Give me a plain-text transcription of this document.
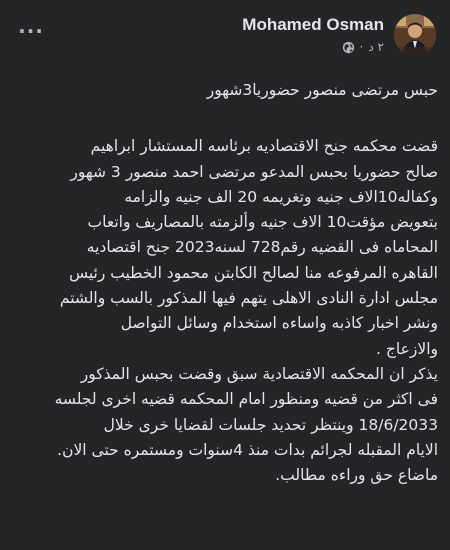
···	Mohamed Osman
· ٢ د

حبس مرتضى منصور حضوريا3شهور

قضت محكمه جنح الاقتصاديه برئاسه المستشار ابراهيم

صالح حضوريا بحبس المدعو مرتضى احمد منصور 3 شهور

وكفاله10الاف جنيه وتغريمه 20 الف جنيه والزامه

بتعويض مؤقت10 الاف جنيه وألزمته بالمصاريف واتعاب

المحاماه فى القضيه رقم728 لسنه2023 جنح اقتصاديه

القاهره المرفوعه منا لصالح الكابتن محمود الخطيب رئيس

مجلس ادارة النادى الاهلى يتهم فيها المذكور بالسب والشتم

ونشر اخبار كاذبه واساءه استخدام وسائل التواصل

والازعاج .

يذكر ان المحكمه الاقتصادية سبق وقضت بحبس المذكور

فى اكثر من قضيه ومنظور امام المحكمه قضيه اخرى لجلسه

18/6/2033 وينتظر تحديد جلسات لقضايا خرى خلال

الايام المقبله لجرائم بدات منذ 4سنوات ومستمره حتى الان.

ماضاع حق وراءه مطالب.
